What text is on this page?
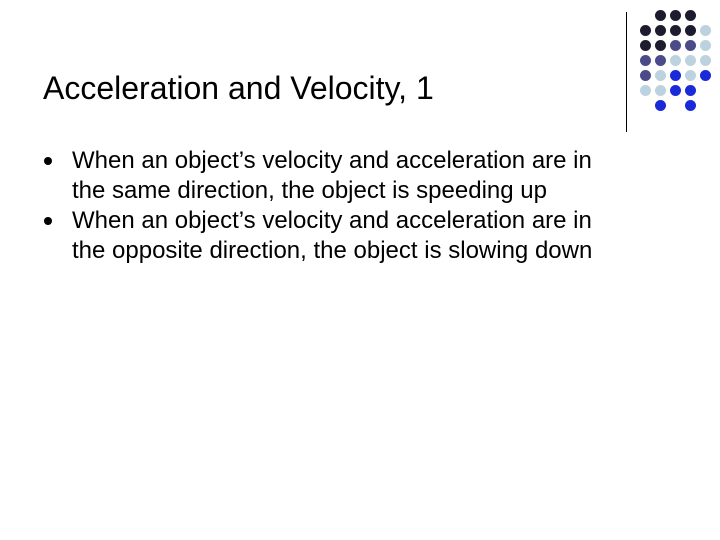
Acceleration and Velocity, 1
When an object’s velocity and acceleration are in the same direction, the object is speeding up
When an object’s velocity and acceleration are in the opposite direction, the object is slowing down
